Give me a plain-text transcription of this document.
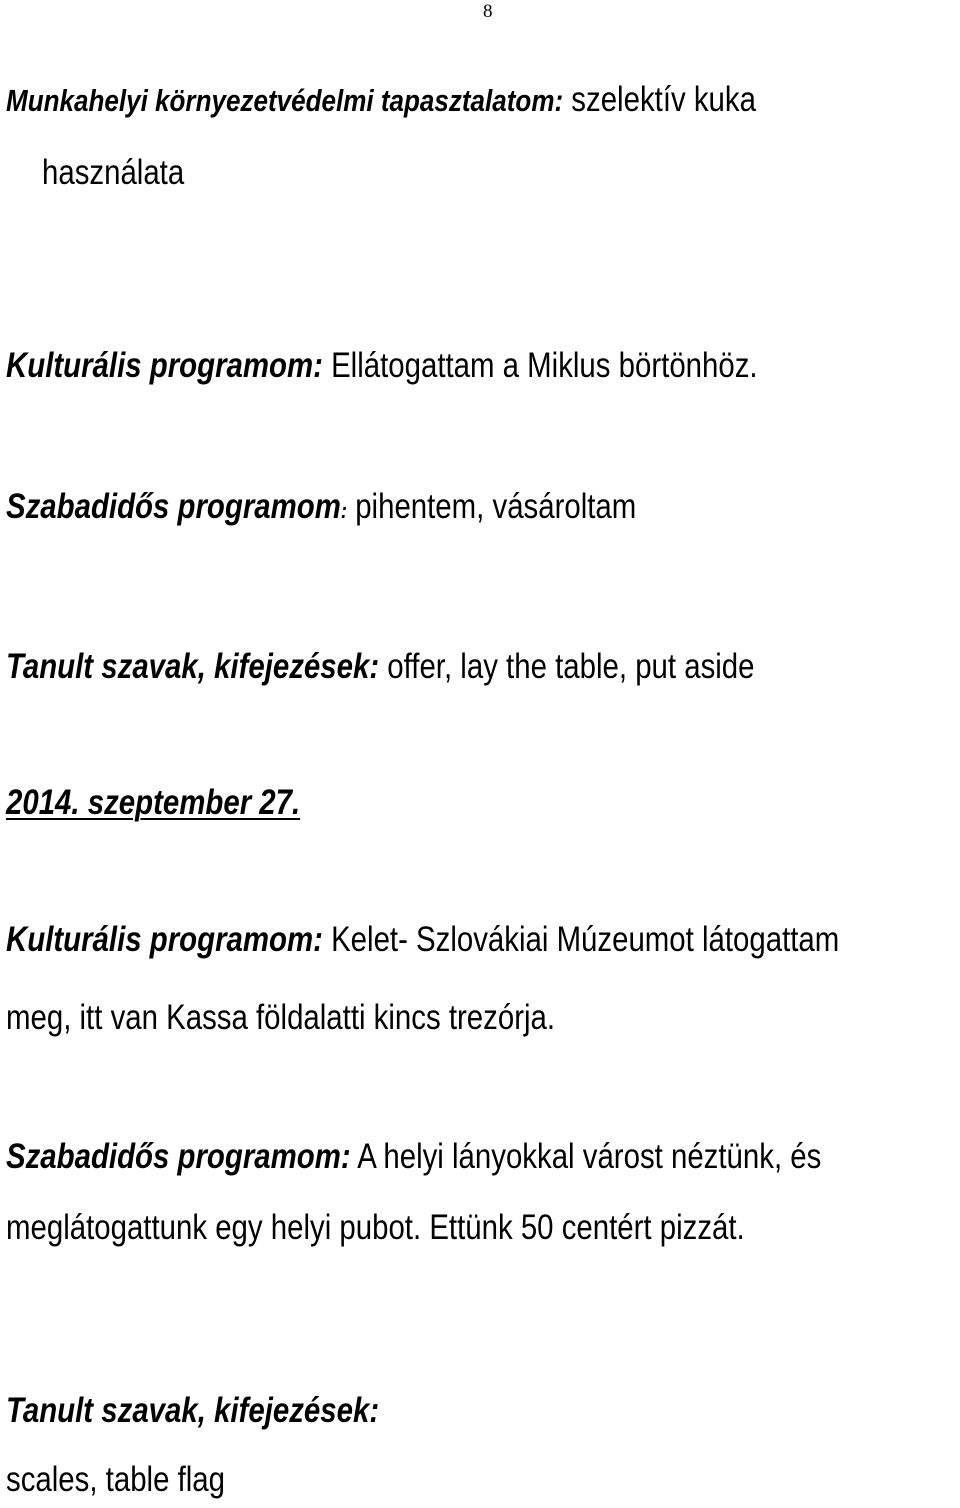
8
Munkahelyi környezetvédelmi tapasztalatom: szelektív kuka
használata
Kulturális programom: Ellátogattam a Miklus börtönhöz.
Szabadidős programom: pihentem, vásároltam
Tanult szavak, kifejezések: offer, lay the table, put aside
2014. szeptember 27.
Kulturális programom: Kelet- Szlovákiai Múzeumot látogattam
meg, itt van Kassa földalatti kincs trezórja.
Szabadidős programom: A helyi lányokkal várost néztünk, és
meglátogattunk egy helyi pubot. Ettünk 50 centért pizzát.
Tanult szavak, kifejezések:
scales, table flag
